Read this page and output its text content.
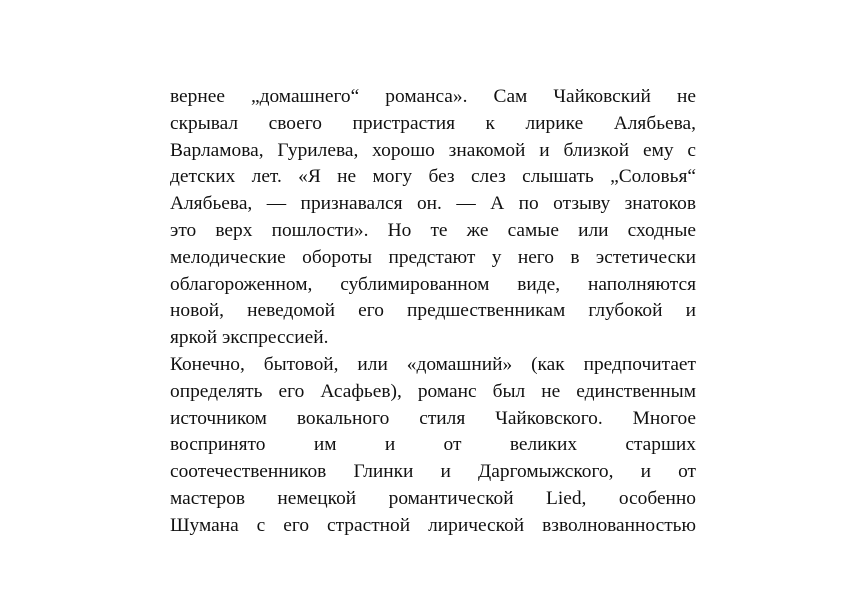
вернее „домашнего“ романса». Сам Чайковский не
скрывал своего пристрастия к лирике Алябьева,
Варламова, Гурилева, хорошо знакомой и близкой ему с
детских лет. «Я не могу без слез слышать „Соловья“
Алябьева, — признавался он. — А по отзыву знатоков
это верх пошлости». Но те же самые или сходные
мелодические обороты предстают у него в эстетически
облагороженном, сублимированном виде, наполняются
новой, неведомой его предшественникам глубокой и
яркой экспрессией.
Конечно, бытовой, или «домашний» (как предпочитает
определять его Асафьев), романс был не единственным
источником вокального стиля Чайковского. Многое
воспринято им и от великих старших
соотечественников Глинки и Даргомыжского, и от
мастеров немецкой романтической Lied, особенно
Шумана с его страстной лирической взволнованностью
